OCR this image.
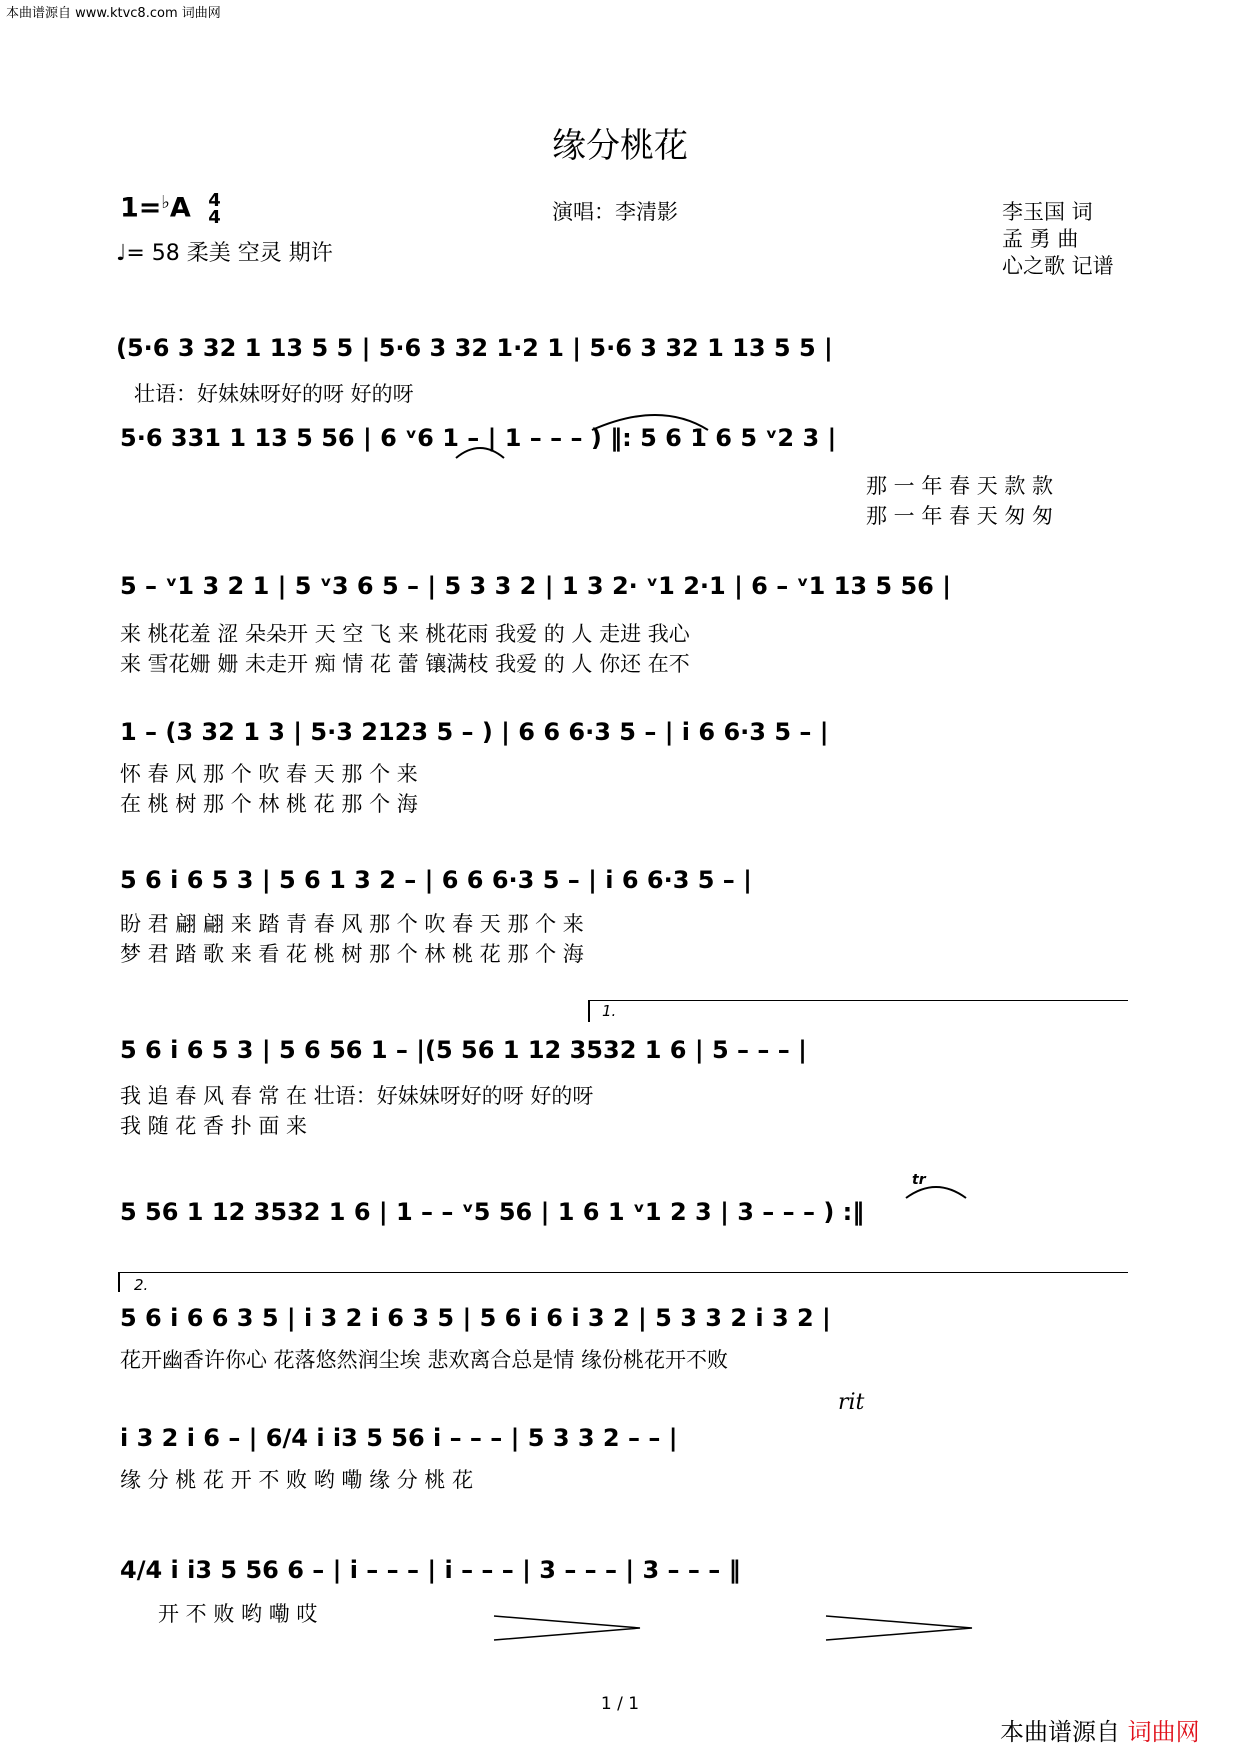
本曲谱源自 www.ktvc8.com 词曲网
缘分桃花
1=♭A 4
4
♩= 58 柔美 空灵 期许
演唱：李清影	李玉国 词
孟 勇 曲
心之歌 记谱
(5·6 3 32 1 13 5 5 | 5·6 3 32 1·2 1 | 5·6 3 32 1 13 5 5 |
壮语：好妹妹呀好的呀 好的呀
5·6 331 1 13 5 56 | 6 ᵛ6 1 – | 1 – – – ) ‖: 5 6 1 6 5 ᵛ2 3 |
那 一 年 春 天 款 款
那 一 年 春 天 匆 匆
5 – ᵛ1 3 2 1 | 5 ᵛ3 6 5 – | 5 3 3 2 | 1 3 2· ᵛ1 2·1 | 6 – ᵛ1 13 5 56 |
来 桃花羞 涩 朵朵开 天 空 飞 来 桃花雨 我爱 的 人 走进 我心
来 雪花姗 姗 未走开 痴 情 花 蕾 镶满枝 我爱 的 人 你还 在不
1 – (3 32 1 3 | 5·3 2123 5 – ) | 6 6 6·3 5 – | i 6 6·3 5 – |
怀 春 风 那 个 吹 春 天 那 个 来
在 桃 树 那 个 林 桃 花 那 个 海
5 6 i 6 5 3 | 5 6 1 3 2 – | 6 6 6·3 5 – | i 6 6·3 5 – |
盼 君 翩 翩 来 踏 青 春 风 那 个 吹 春 天 那 个 来
梦 君 踏 歌 来 看 花 桃 树 那 个 林 桃 花 那 个 海
1.
5 6 i 6 5 3 | 5 6 56 1 – |(5 56 1 12 3532 1 6 | 5 – – – |
我 追 春 风 春 常 在 壮语：好妹妹呀好的呀 好的呀
我 随 花 香 扑 面 来
tr
5 56 1 12 3532 1 6 | 1 – – ᵛ5 56 | 1 6 1 ᵛ1 2 3 | 3 – – – ) :‖
2.
5 6 i 6 6 3 5 | i 3 2 i 6 3 5 | 5 6 i 6 i 3 2 | 5 3 3 2 i 3 2 |
花开幽香许你心 花落悠然润尘埃 悲欢离合总是情 缘份桃花开不败
rit
i 3 2 i 6 – | 6/4 i i3 5 56 i – – – | 5 3 3 2 – – |
缘 分 桃 花 开 不 败 哟 嘞 缘 分 桃 花
4/4 i i3 5 56 6 – | i – – – | i – – – | 3 – – – | 3 – – – ‖
开 不 败 哟 嘞 哎
1 / 1
本曲谱源自 词曲网
